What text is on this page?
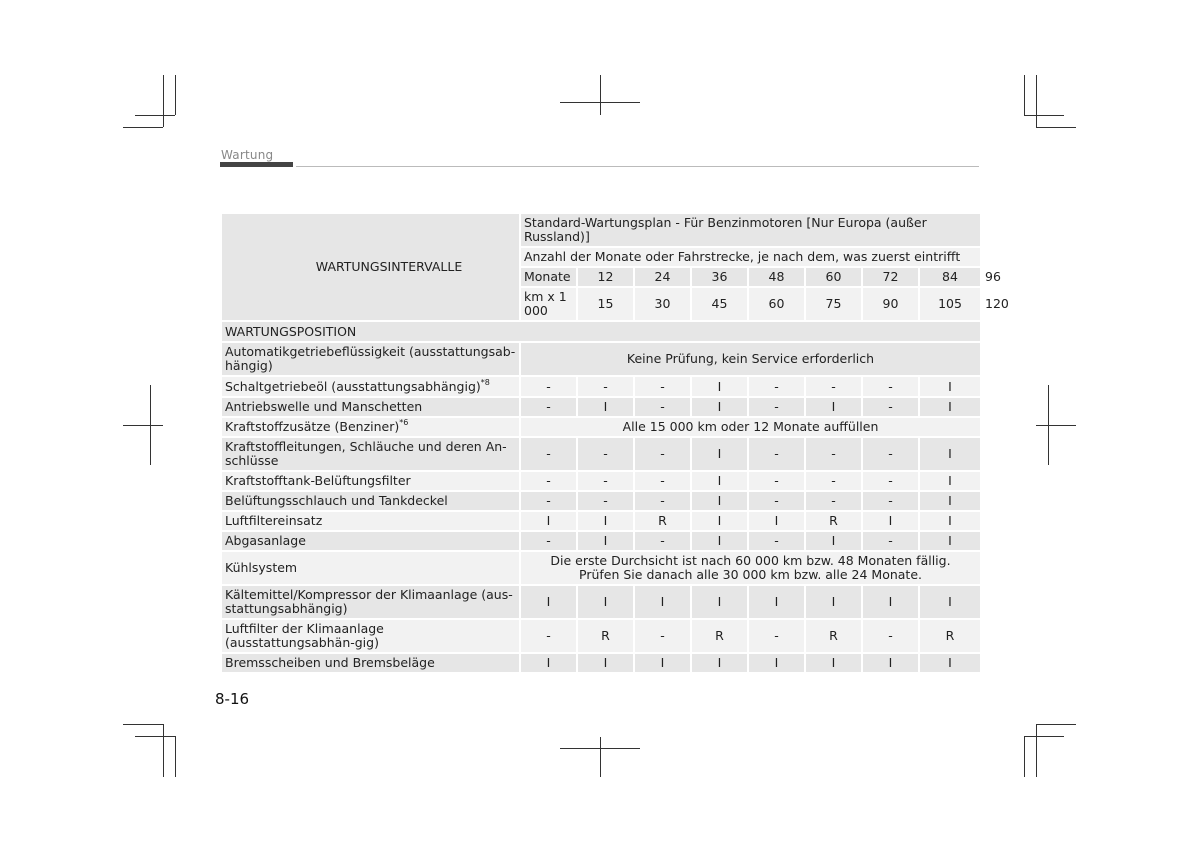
Wartung
WARTUNGSINTERVALLE	Standard-Wartungsplan - Für Benzinmotoren [Nur Europa (außer Russland)]								
	Anzahl der Monate oder Fahrstrecke, je nach dem, was zuerst eintrifft								
	Monate	12	24	36	48	60	72	84	96
	km x 1 000	15	30	45	60	75	90	105	120
WARTUNGSPOSITION									
Automatikgetriebeflüssigkeit (ausstattungsab-hängig)	Keine Prüfung, kein Service erforderlich								

Schaltgetriebeöl (ausstattungsabhängig)$^{*8}$	-	-	-	I	-	-	-	I	
Antriebswelle und Manschetten	-	I	-	I	-	I	-	I	
Kraftstoffzusätze (Benziner)$^{*6}$	Alle 15 000 km oder 12 Monate auffüllen								

Kraftstoffleitungen, Schläuche und deren An-schlüsse	-	-	-	I	-	-	-	I	
Kraftstofftank-Belüftungsfilter	-	-	-	I	-	-	-	I	
Belüftungsschlauch und Tankdeckel	-	-	-	I	-	-	-	I	
Luftfiltereinsatz	I	I	R	I	I	R	I	I	
Abgasanlage	-	I	-	I	-	I	-	I	
Kühlsystem	Die erste Durchsicht ist nach 60 000 km bzw. 48 Monaten fällig.
Prüfen Sie danach alle 30 000 km bzw. alle 24 Monate.								

Kältemittel/Kompressor der Klimaanlage (aus-stattungsabhängig)	I	I	I	I	I	I	I	I	
Luftfilter der Klimaanlage (ausstattungsabhän-gig)	-	R	-	R	-	R	-	R	
Bremsscheiben und Bremsbeläge	I	I	I	I	I	I	I	I	
8-16
